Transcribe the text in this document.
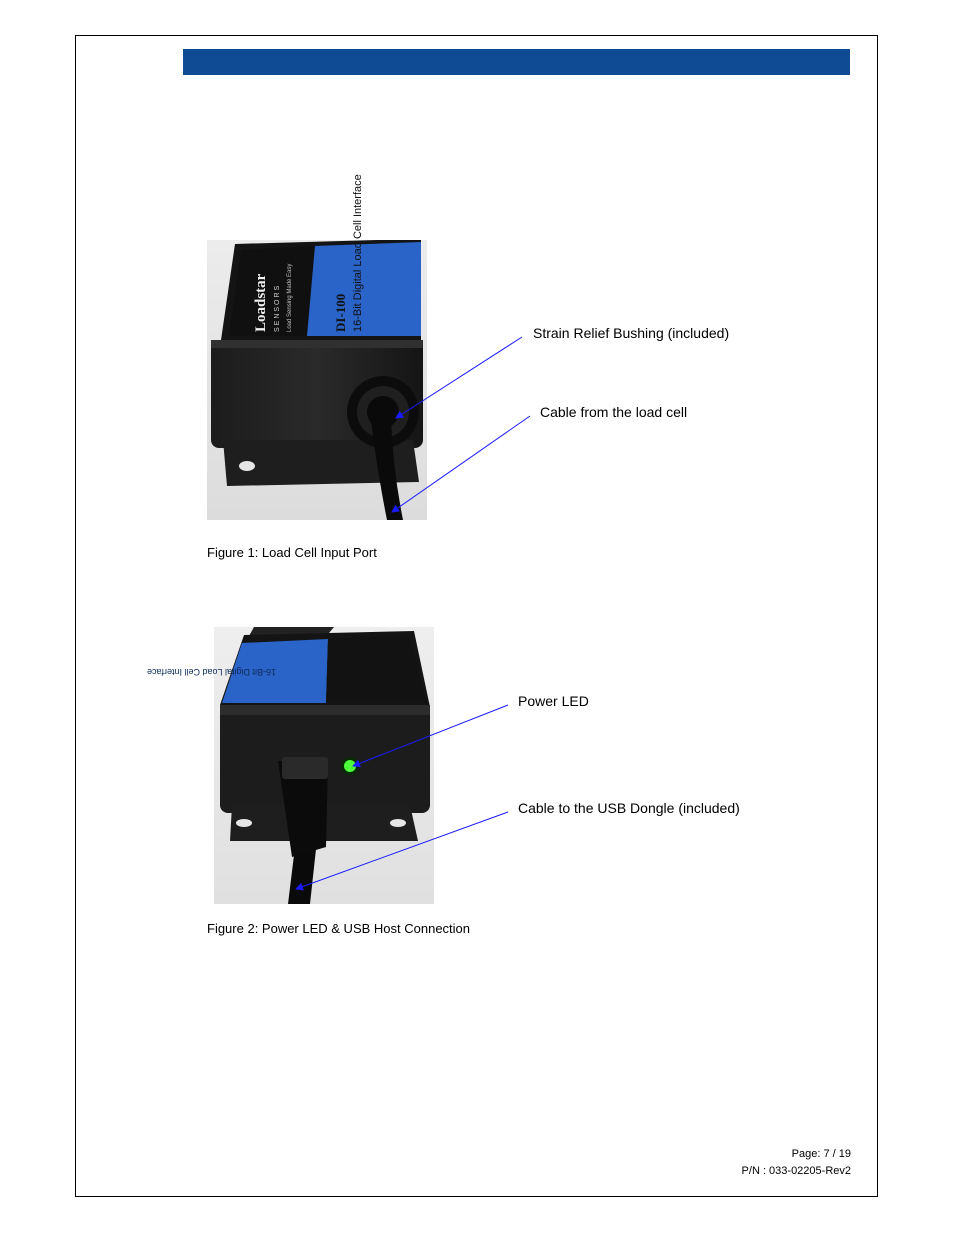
Loadstar SENSORS Load Sensing Made Easy	DI-100 16-Bit Digital Load Cell Interface
16-Bit Digital Load Cell Interface
Strain Relief Bushing (included)
Cable from the load cell
Figure 1: Load Cell Input Port
Power LED
Cable to the USB Dongle (included)
Figure 2: Power LED & USB Host Connection
Page: 7 / 19
P/N : 033-02205-Rev2
